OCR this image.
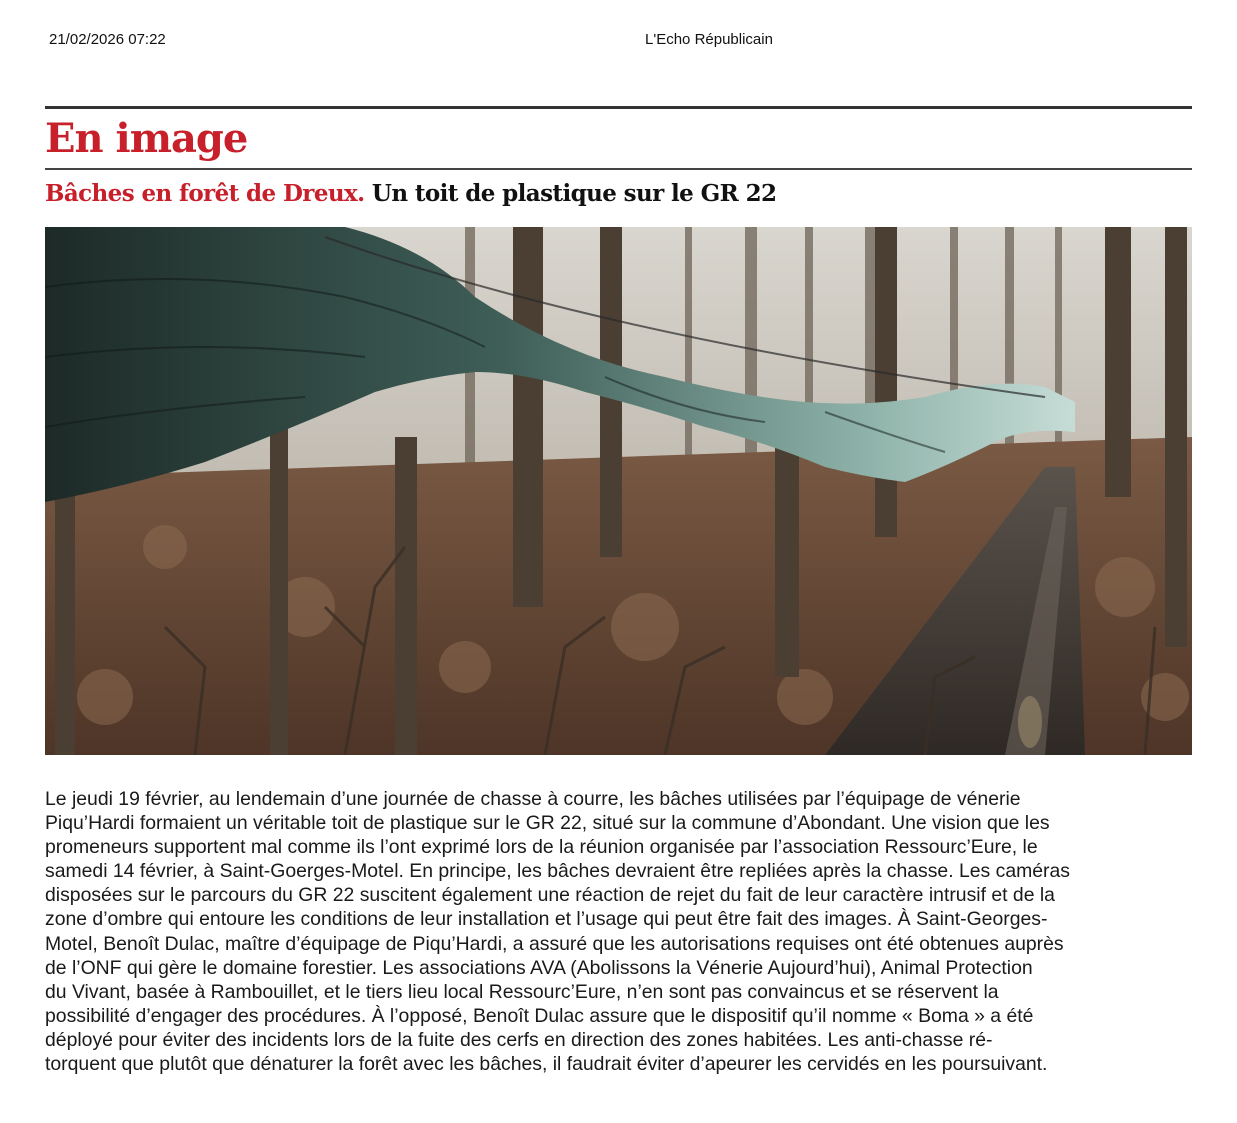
21/02/2026 07:22	L'Echo Républicain
En image
Bâches en forêt de Dreux. Un toit de plastique sur le GR 22
Le jeudi 19 février, au lendemain d’une journée de chasse à courre, les bâches utilisées par l’équipage de vénerie
Piqu’Hardi formaient un véritable toit de plastique sur le GR 22, situé sur la commune d’Abondant. Une vision que les
promeneurs supportent mal comme ils l’ont exprimé lors de la réunion organisée par l’association Ressourc’Eure, le
samedi 14 février, à Saint-Goerges-Motel. En principe, les bâches devraient être repliées après la chasse. Les caméras
disposées sur le parcours du GR 22 suscitent également une réaction de rejet du fait de leur caractère intrusif et de la
zone d’ombre qui entoure les conditions de leur installation et l’usage qui peut être fait des images. À Saint-Georges-
Motel, Benoît Dulac, maître d’équipage de Piqu’Hardi, a assuré que les autorisations requises ont été obtenues auprès
de l’ONF qui gère le domaine forestier. Les associations AVA (Abolissons la Vénerie Aujourd’hui), Animal Protection
du Vivant, basée à Rambouillet, et le tiers lieu local Ressourc’Eure, n’en sont pas convaincus et se réservent la
possibilité d’engager des procédures. À l’opposé, Benoît Dulac assure que le dispositif qu’il nomme « Boma » a été
déployé pour éviter des incidents lors de la fuite des cerfs en direction des zones habitées. Les anti-chasse ré-
torquent que plutôt que dénaturer la forêt avec les bâches, il faudrait éviter d’apeurer les cervidés en les poursuivant.
